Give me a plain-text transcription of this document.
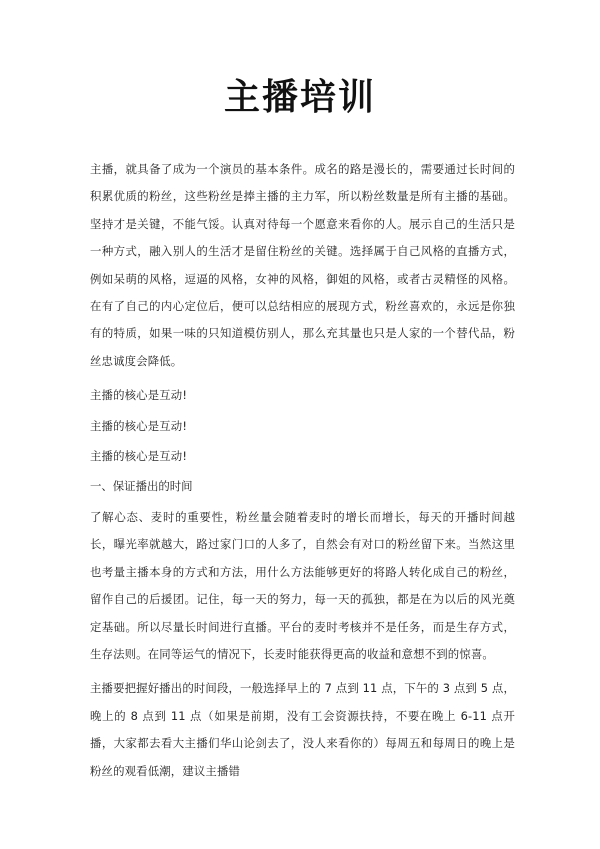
主播培训

主播，就具备了成为一个演员的基本条件。成名的路是漫长的，需要通过长时间的积累优质的粉丝，这些粉丝是捧主播的主力军，所以粉丝数量是所有主播的基础。坚持才是关键，不能气馁。认真对待每一个愿意来看你的人。展示自己的生活只是一种方式，融入别人的生活才是留住粉丝的关键。选择属于自己风格的直播方式，例如呆萌的风格，逗逼的风格，女神的风格，御姐的风格，或者古灵精怪的风格。在有了自己的内心定位后，便可以总结相应的展现方式，粉丝喜欢的，永远是你独有的特质，如果一味的只知道模仿别人，那么充其量也只是人家的一个替代品，粉丝忠诚度会降低。

主播的核心是互动!

主播的核心是互动!

主播的核心是互动!

一、保证播出的时间

了解心态、麦时的重要性，粉丝量会随着麦时的增长而增长，每天的开播时间越长，曝光率就越大，路过家门口的人多了，自然会有对口的粉丝留下来。当然这里也考量主播本身的方式和方法，用什么方法能够更好的将路人转化成自己的粉丝，留作自己的后援团。记住，每一天的努力，每一天的孤独，都是在为以后的风光奠定基础。所以尽量长时间进行直播。平台的麦时考核并不是任务，而是生存方式，生存法则。在同等运气的情况下，长麦时能获得更高的收益和意想不到的惊喜。

主播要把握好播出的时间段，一般选择早上的 7 点到 11 点，下午的 3 点到 5 点，晚上的 8 点到 11 点（如果是前期，没有工会资源扶持，不要在晚上 6-11 点开播，大家都去看大主播们华山论剑去了，没人来看你的）每周五和每周日的晚上是粉丝的观看低潮，建议主播错
